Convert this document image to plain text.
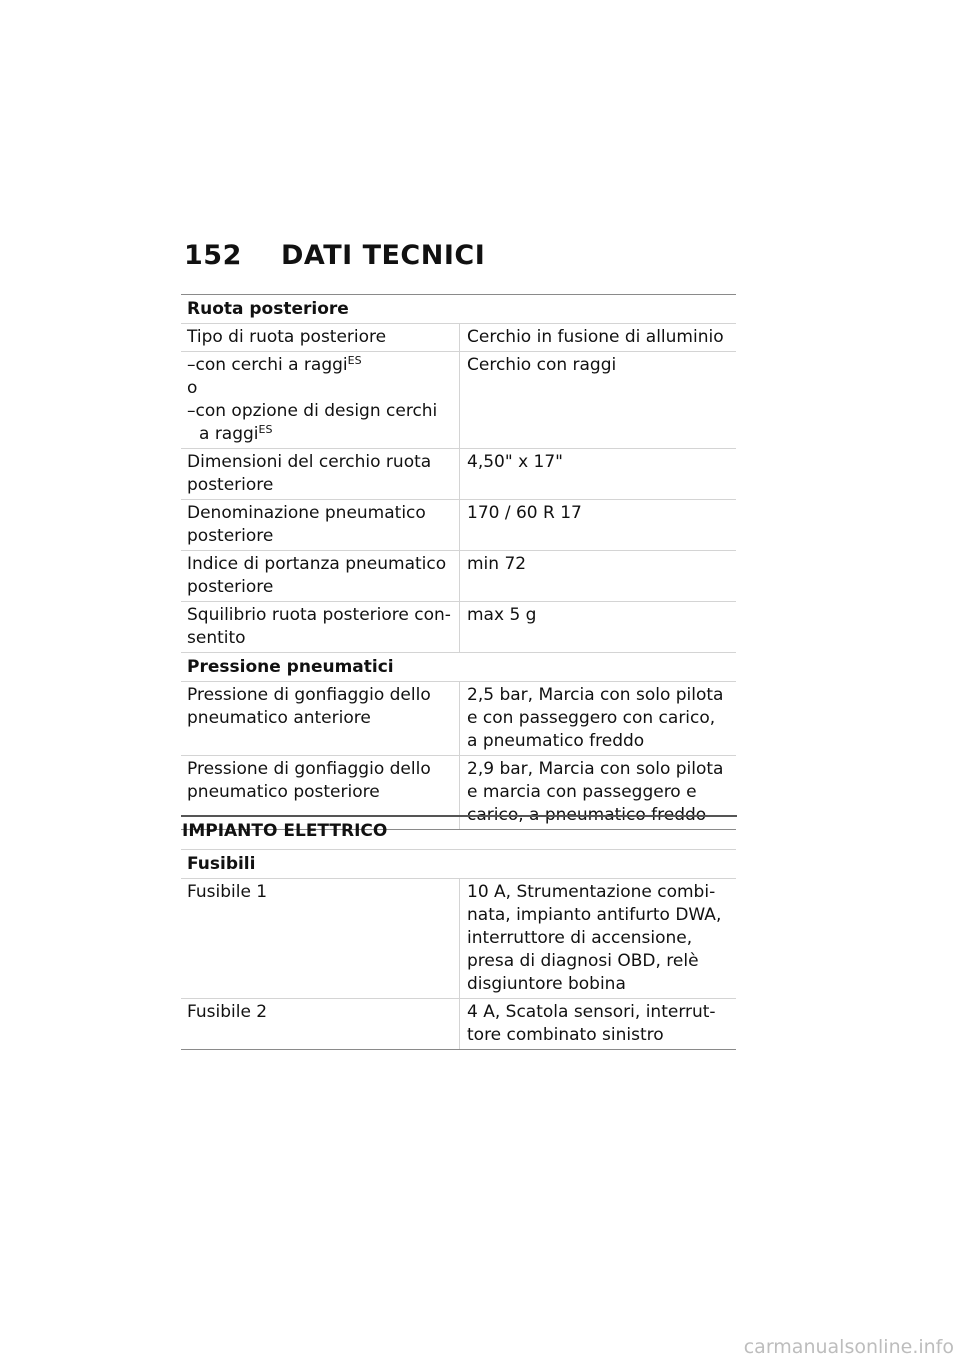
152 DATI TECNICI
Ruota posteriore	
Tipo di ruota posteriore	Cerchio in fusione di alluminio
–con cerchi a raggi$^{ES}$
o
–con opzione di design cerchi
a raggi$^{ES}$	Cerchio con raggi
Dimensioni del cerchio ruota posteriore	4,50" x 17"
Denominazione pneumatico posteriore	170 / 60 R 17
Indice di portanza pneumatico posteriore	min 72
Squilibrio ruota posteriore con-sentito	max 5 g
Pressione pneumatici	
Pressione di gonfiaggio dello pneumatico anteriore	2,5 bar, Marcia con solo pilota e con passeggero con carico, a pneumatico freddo
Pressione di gonfiaggio dello pneumatico posteriore	2,9 bar, Marcia con solo pilota e marcia con passeggero e carico, a pneumatico freddo
IMPIANTO ELETTRICO
Fusibili	
Fusibile 1	10 A, Strumentazione combi-nata, impianto antifurto DWA, interruttore di accensione, presa di diagnosi OBD, relè disgiuntore bobina
Fusibile 2	4 A, Scatola sensori, interrut-tore combinato sinistro
carmanualsonline.info
